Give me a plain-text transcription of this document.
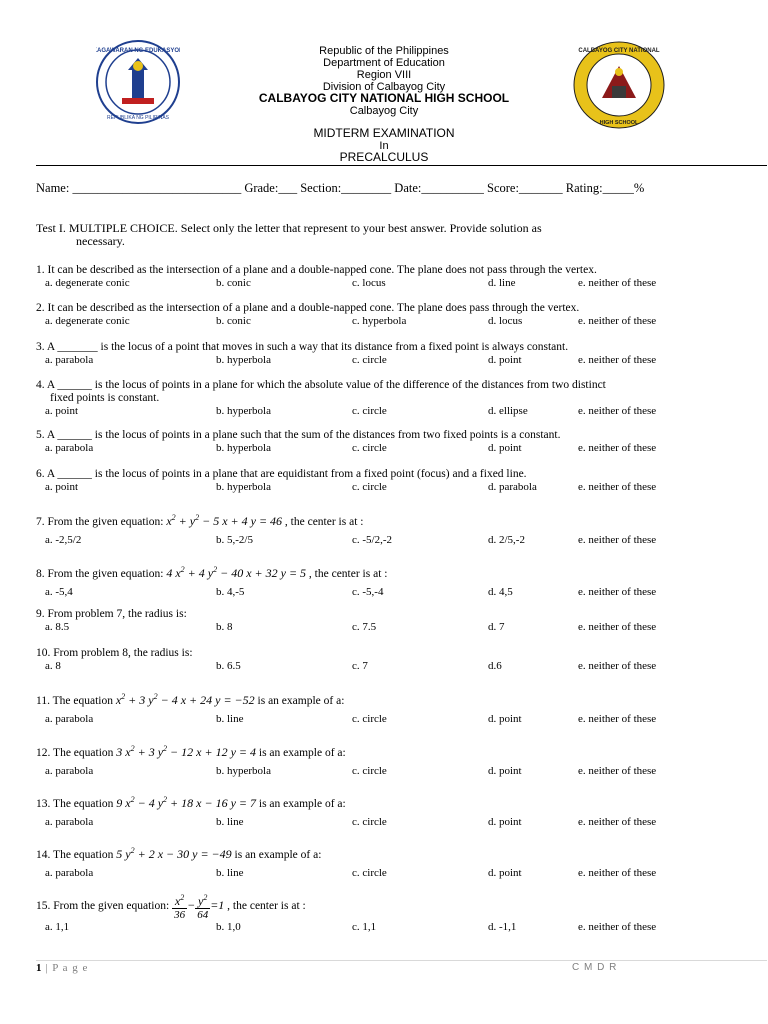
KAGAWARAN NG EDUKASYON
REPUBLIKA NG PILIPINAS
CALBAYOG CITY NATIONAL
HIGH SCHOOL
Republic of the Philippines
Department of Education
Region VIII
Division of Calbayog City
CALBAYOG CITY NATIONAL HIGH SCHOOL
Calbayog City
MIDTERM EXAMINATION
In
PRECALCULUS
Name: ___________________________ Grade:___ Section:________ Date:__________ Score:_______ Rating:_____%
Test I. MULTIPLE CHOICE. Select only the letter that represent to your best answer. Provide solution as
necessary.
1. It can be described as the intersection of a plane and a double-napped cone. The plane does not pass through the vertex.
a. degenerate conic	b. conic	c. locus	d. line	e. neither of these
2. It can be described as the intersection of a plane and a double-napped cone. The plane does pass through the vertex.
a. degenerate conic	b. conic	c. hyperbola	d. locus	e. neither of these
3. A _______ is the locus of a point that moves in such a way that its distance from a fixed point is always constant.
a. parabola	b. hyperbola	c. circle	d. point	e. neither of these
4. A ______ is the locus of points in a plane for which the absolute value of the difference of the distances from two distinct
fixed points is constant.
a. point	b. hyperbola	c. circle	d. ellipse	e. neither of these
5. A ______ is the locus of points in a plane such that the sum of the distances from two fixed points is a constant.
a. parabola	b. hyperbola	c. circle	d. point	e. neither of these
6. A ______ is the locus of points in a plane that are equidistant from a fixed point (focus) and a fixed line.
a. point	b. hyperbola	c. circle	d. parabola	e. neither of these
7. From the given equation: $x^2 + y^2 - 5$ x + 4 y = 46 , the center is at :
a. -2,5/2	b. 5,-2/5	c. -5/2,-2	d. 2/5,-2	e. neither of these
8. From the given equation: 4 $x^2 + 4$ $y^2 - 40$ x + 32 y = 5 , the center is at :
a. -5,4	b. 4,-5	c. -5,-4	d. 4,5	e. neither of these
9. From problem 7, the radius is:
a. 8.5	b. 8	c. 7.5	d. 7	e. neither of these
10. From problem 8, the radius is:
a. 8	b. 6.5	c. 7	d.6	e. neither of these
11. The equation $x^2 + 3$ $y^2 - 4$ x + 24 y = −52 is an example of a:
a. parabola	b. line	c. circle	d. point	e. neither of these
12. The equation 3 $x^2 + 3$ $y^2 - 12$ x + 12 y = 4 is an example of a:
a. parabola	b. hyperbola	c. circle	d. point	e. neither of these
13. The equation 9 $x^2 - 4$ $y^2 + 18$ x − 16 y = 7 is an example of a:
a. parabola	b. line	c. circle	d. point	e. neither of these
14. The equation 5 $y^2 + 2$ x − 30 y = −49 is an example of a:
a. parabola	b. line	c. circle	d. point	e. neither of these
15. From the given equation: $\frac{x^2}{36} - \frac{y^2}{64} =1$ , the center is at :
a. 1,1	b. 1,0	c. 1,1	d. -1,1	e. neither of these
1 | P a g e	C M D R
